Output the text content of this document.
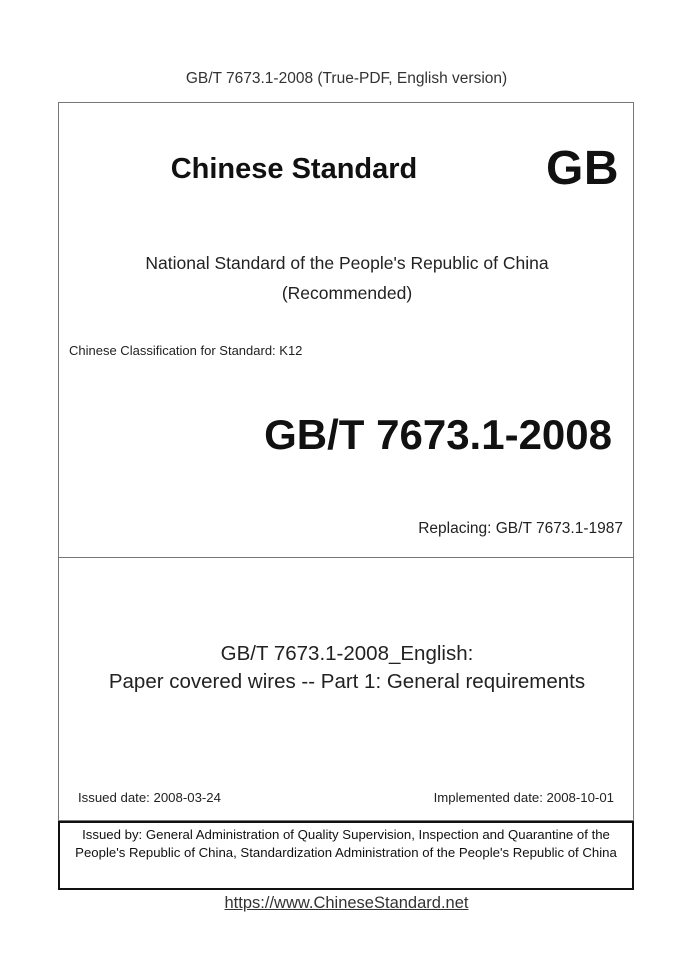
GB/T 7673.1-2008 (True-PDF, English version)
Chinese Standard	GB
National Standard of the People's Republic of China
(Recommended)
Chinese Classification for Standard: K12
GB/T 7673.1-2008
Replacing: GB/T 7673.1-1987
GB/T 7673.1-2008_English:
Paper covered wires -- Part 1: General requirements
Issued date: 2008-03-24	Implemented date: 2008-10-01
Issued by: General Administration of Quality Supervision, Inspection and Quarantine of the People's Republic of China, Standardization Administration of the People's Republic of China
https://www.ChineseStandard.net
